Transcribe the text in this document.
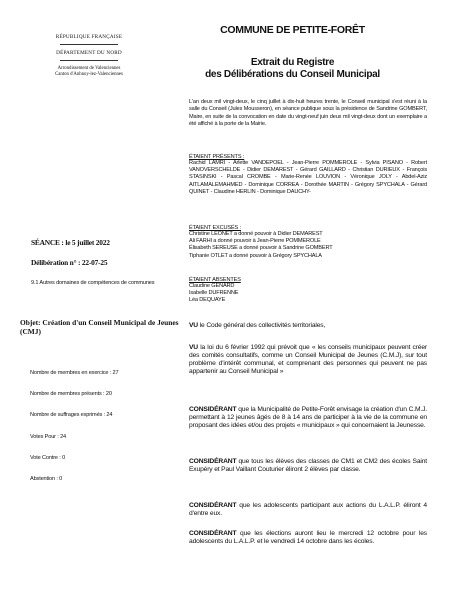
RÉPUBLIQUE FRANÇAISE
DÉPARTEMENT DU NORD
Arrondissement de Valenciennes
Canton d'Anhnoy-lez-Valenciennes
COMMUNE DE PETITE-FORÊT
Extrait du Registre
des Délibérations du Conseil Municipal
L'an deux mil vingt-deux, le cinq juillet à dix-huit heures trente, le Conseil municipal s'est réuni à la salle du Conseil (Jules Mousseron), en séance publique sous la présidence de Sandrine GOMBERT, Maire, en suite de la convocation en date du vingt-neuf juin deux mil vingt-deux dont un exemplaire a été affiché à la porte de la Mairie.
ÉTAIENT PRÉSENTS :
Rachid LAMRI - Arlette VANDEPOEL - Jean-Pierre POMMEROLE - Sylvia PISANO - Robert VANOVERSCHELDE - Didier DEMAREST - Gérard GAILLARD - Christian DURIEUX - François STASINSKI - Pascal CROMBE - Marie-Renée LOUVION - Véronique JOLY - Abdel-Aziz AITLAMALEMAHMED - Dominique CORREA - Dorothée MARTIN - Grégory SPYCHALA - Gérard QUINET - Claudine HERLIN - Dominique DAUCHY-
ÉTAIENT EXCUSÉS :
Christine LEONET a donné pouvoir à Didier DEMAREST
Ali FARHI a donné pouvoir à Jean-Pierre POMMEROLE
Élisabeth SEREUSE a donné pouvoir à Sandrine GOMBERT
Tiphanie OTLET a donné pouvoir à Grégory SPYCHALA
ÉTAIENT ABSENTES
Claudine GENARD
Isabelle DUFRENNE
Léa DEQUAYE
SÉANCE : le 5 juillet 2022
Délibération n° : 22-07-25
9.1 Autres domaines de compétences de communes
Objet: Création d'un Conseil Municipal de Jeunes (CMJ)
Nombre de membres en exercice : 27
Nombre de membres présents : 20
Nombre de suffrages exprimés : 24
Votes Pour : 24
Vote Contre : 0
Abstention : 0
VU le Code général des collectivités territoriales,
VU la loi du 6 février 1992 qui prévoit que « les conseils municipaux peuvent créer des comités consultatifs, comme un Conseil Municipal de Jeunes (C.M.J), sur tout problème d'intérêt communal, et comprenant des personnes qui peuvent ne pas appartenir au Conseil Municipal »
CONSIDÉRANT que la Municipalité de Petite-Forêt envisage la création d'un C.M.J. permettant à 12 jeunes âgés de 8 à 14 ans de participer à la vie de la commune en proposant des idées et/ou des projets « municipaux » qui concernaient la Jeunesse.
CONSIDÉRANT que tous les élèves des classes de CM1 et CM2 des écoles Saint Exupéry et Paul Vaillant Couturier éliront 2 élèves par classe.
CONSIDÉRANT que les adolescents participant aux actions du L.A.L.P. éliront 4 d'entre eux.
CONSIDÉRANT que les élections auront lieu le mercredi 12 octobre pour les adolescents du L.A.L.P. et le vendredi 14 octobre dans les écoles.
